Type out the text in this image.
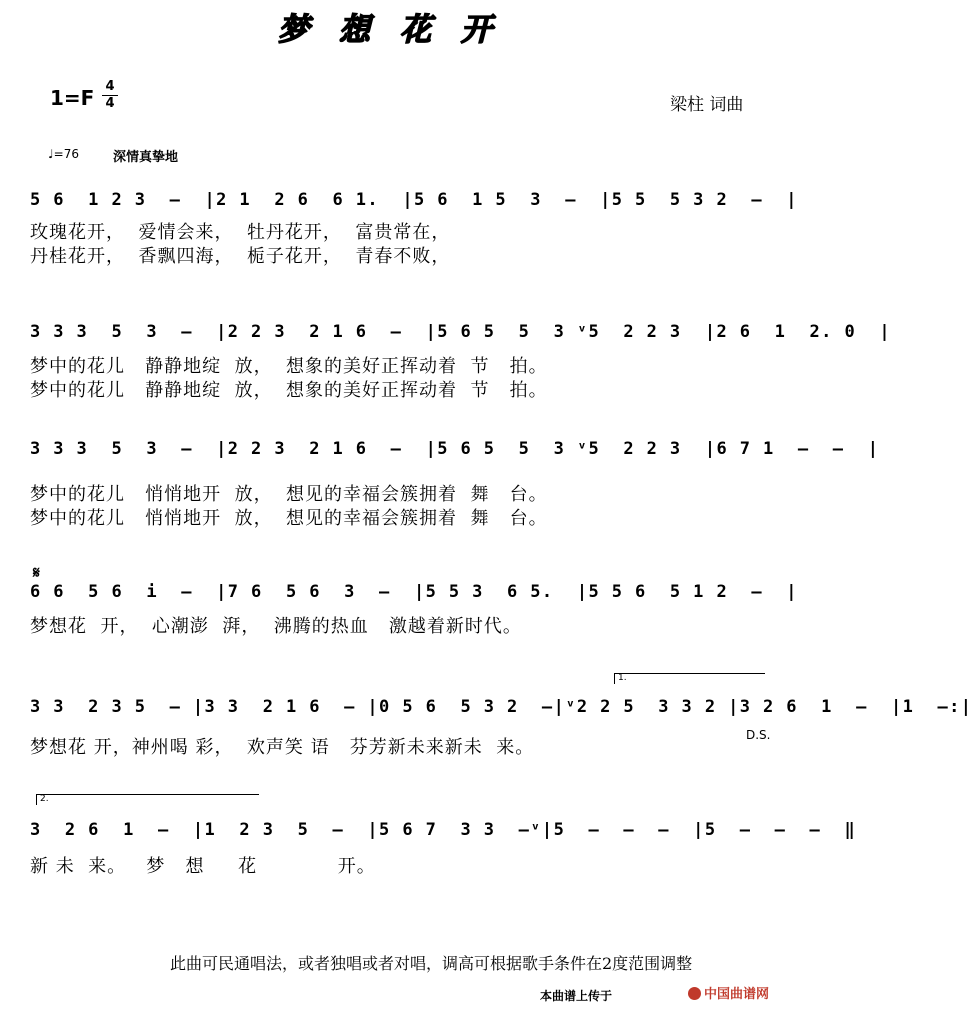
梦想花开
1=F 4
4	梁柱 词曲
♩=76	深情真挚地
5 6  1 2 3  –  |2 1  2 6  6 1.  |5 6  1 5  3  –  |5 5  5 3 2  –  |
玫瑰花开，  爱情会来，  牡丹花开，  富贵常在，
丹桂花开，  香飘四海，  栀子花开，  青春不败，
3 3 3  5  3  –  |2 2 3  2 1 6  –  |5 6 5  5  3 ᵛ5  2 2 3  |2 6  1  2. 0  |
梦中的花儿   静静地绽  放，  想象的美好正挥动着  节   拍。
梦中的花儿   静静地绽  放，  想象的美好正挥动着  节   拍。
3 3 3  5  3  –  |2 2 3  2 1 6  –  |5 6 5  5  3 ᵛ5  2 2 3  |6 7 1  –  –  |
梦中的花儿   悄悄地开  放，  想见的幸福会簇拥着  舞   台。
梦中的花儿   悄悄地开  放，  想见的幸福会簇拥着  舞   台。
𝄋
6 6  5 6  i  –  |7 6  5 6  3  –  |5 5 3  6 5.  |5 5 6  5 1 2  –  |
梦想花  开，  心潮澎  湃，  沸腾的热血   激越着新时代。
1.
3 3  2 3 5  – |3 3  2 1 6  – |0 5 6  5 3 2  –|ᵛ2 2 5  3 3 2 |3 2 6  1  –  |1  –:|
梦想花 开，神州喝 彩，  欢声笑 语   芬芳新未来新未  来。
D.S.
2.
3  2 6  1  –  |1  2 3  5  –  |5 6 7  3 3  –ᵛ|5  –  –  –  |5  –  –  –  ‖
新 未  来。   梦   想     花            开。
此曲可民通唱法，或者独唱或者对唱，调高可根据歌手条件在2度范围调整
本曲谱上传于	中国曲谱网
